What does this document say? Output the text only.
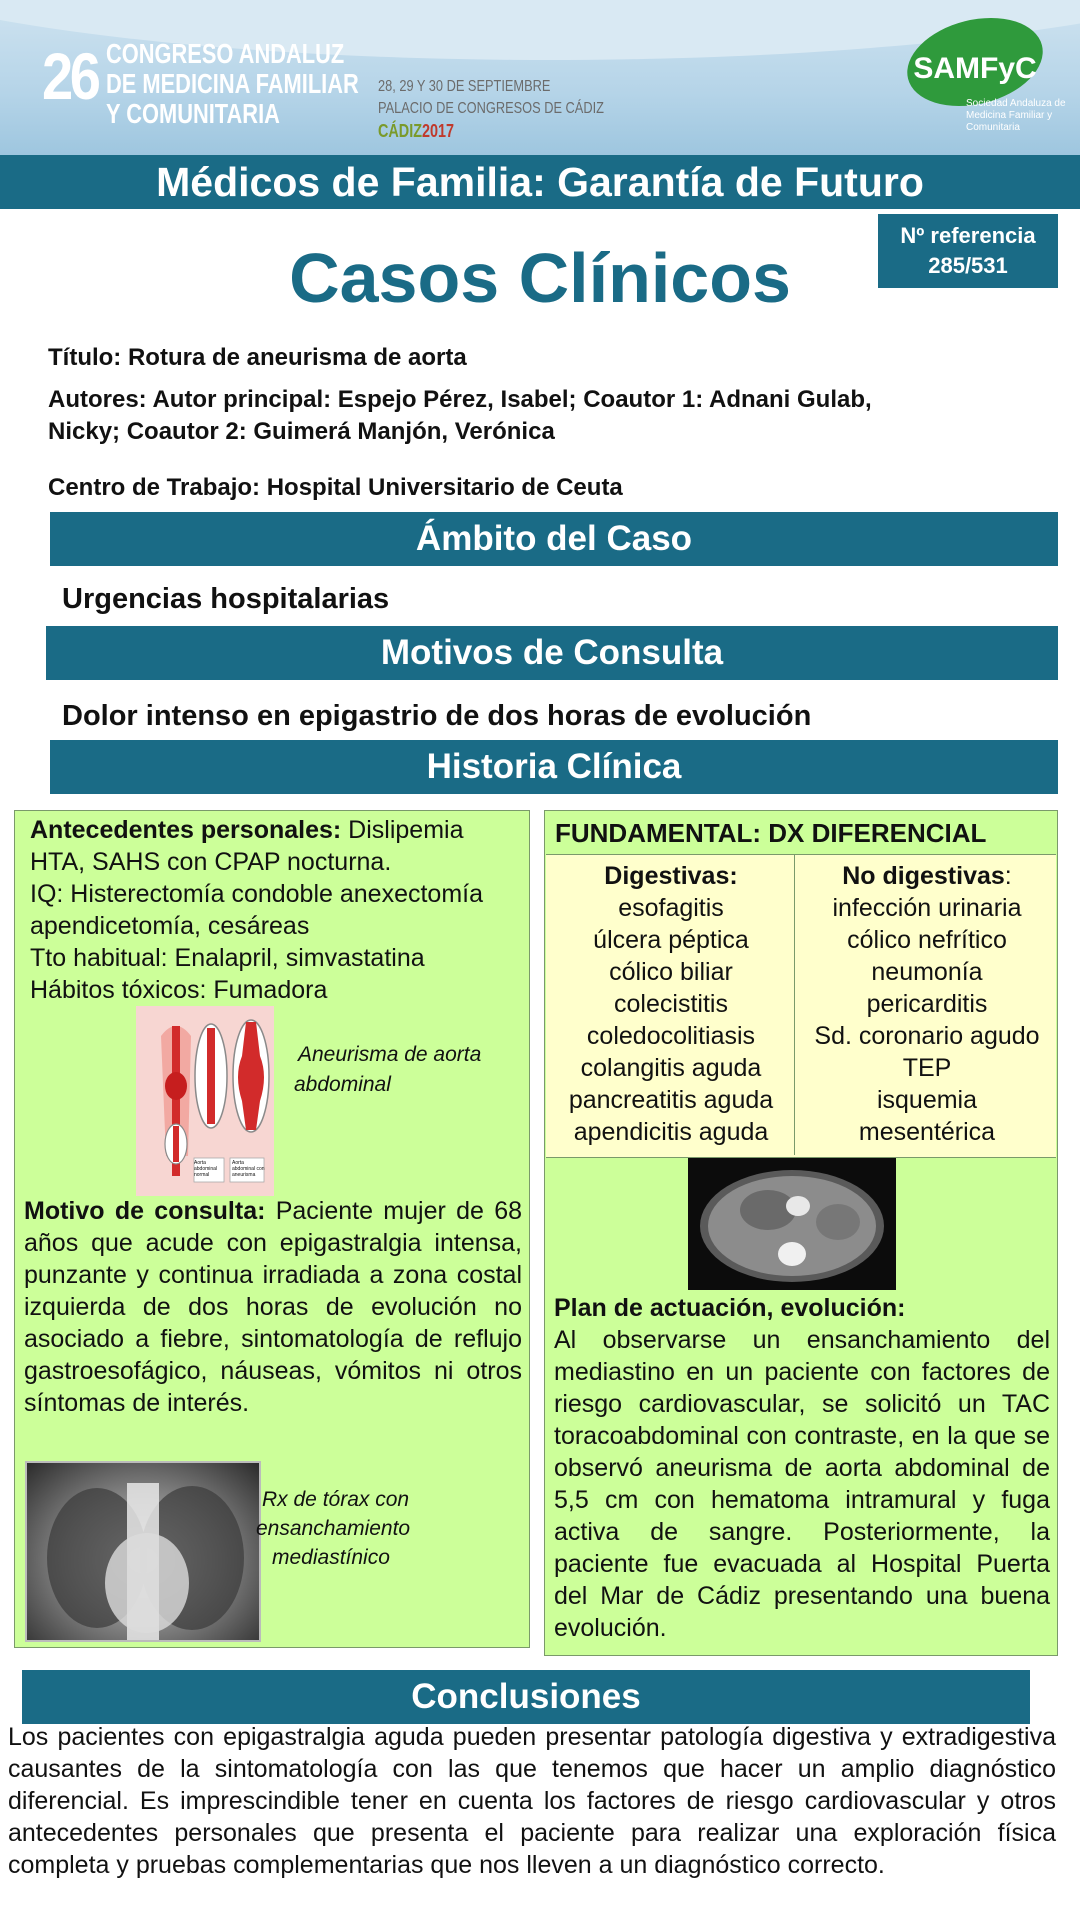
26 CONGRESO ANDALUZ
DE MEDICINA FAMILIAR
Y COMUNITARIA
28, 29 Y 30 DE SEPTIEMBRE
PALACIO DE CONGRESOS DE CÁDIZ
CÁDIZ2017
SAMFyC
Sociedad Andaluza de Medicina Familiar y Comunitaria
Médicos de Familia: Garantía de Futuro
Nº referencia
285/531
Casos Clínicos
Título: Rotura de aneurisma de aorta
Autores: Autor principal: Espejo Pérez, Isabel; Coautor 1: Adnani Gulab,
Nicky; Coautor 2: Guimerá Manjón, Verónica
Centro de Trabajo: Hospital Universitario de Ceuta
Ámbito del Caso
Urgencias hospitalarias
Motivos de Consulta
Dolor intenso en epigastrio de dos horas de evolución
Historia Clínica
Antecedentes personales: Dislipemia
HTA, SAHS con CPAP nocturna.
IQ: Histerectomía condoble anexectomía
apendicetomía, cesáreas
Tto habitual: Enalapril, simvastatina
Hábitos tóxicos: Fumadora
Aorta abdominal normal
Aorta abdominal con aneurisma
Aneurisma de aorta
abdominal
Motivo de consulta: Paciente mujer de 68 años que acude con epigastralgia intensa, punzante y continua irradiada a zona costal izquierda de dos horas de evolución no asociado a fiebre, sintomatología de reflujo gastroesofágico, náuseas, vómitos ni otros síntomas de interés.
Rx de tórax con
ensanchamiento
mediastínico
FUNDAMENTAL: DX DIFERENCIAL
Digestivas:
esofagitis
úlcera péptica
cólico biliar
colecistitis
coledocolitiasis
colangitis aguda
pancreatitis aguda
apendicitis aguda
No digestivas:
infección urinaria
cólico nefrítico
neumonía
pericarditis
Sd. coronario agudo
TEP
isquemia
mesentérica
Plan de actuación, evolución:
Al observarse un ensanchamiento del mediastino en un paciente con factores de riesgo cardiovascular, se solicitó un TAC toracoabdominal con contraste, en la que se observó aneurisma de aorta abdominal de 5,5 cm con hematoma intramural y fuga activa de sangre. Posteriormente, la paciente fue evacuada al Hospital Puerta del Mar de Cádiz presentando una buena evolución.
Conclusiones
Los pacientes con epigastralgia aguda pueden presentar patología digestiva y extradigestiva causantes de la sintomatología con las que tenemos que hacer un amplio diagnóstico diferencial. Es imprescindible tener en cuenta los factores de riesgo cardiovascular y otros antecedentes personales que presenta el paciente para realizar una exploración física completa y pruebas complementarias que nos lleven a un diagnóstico correcto.
